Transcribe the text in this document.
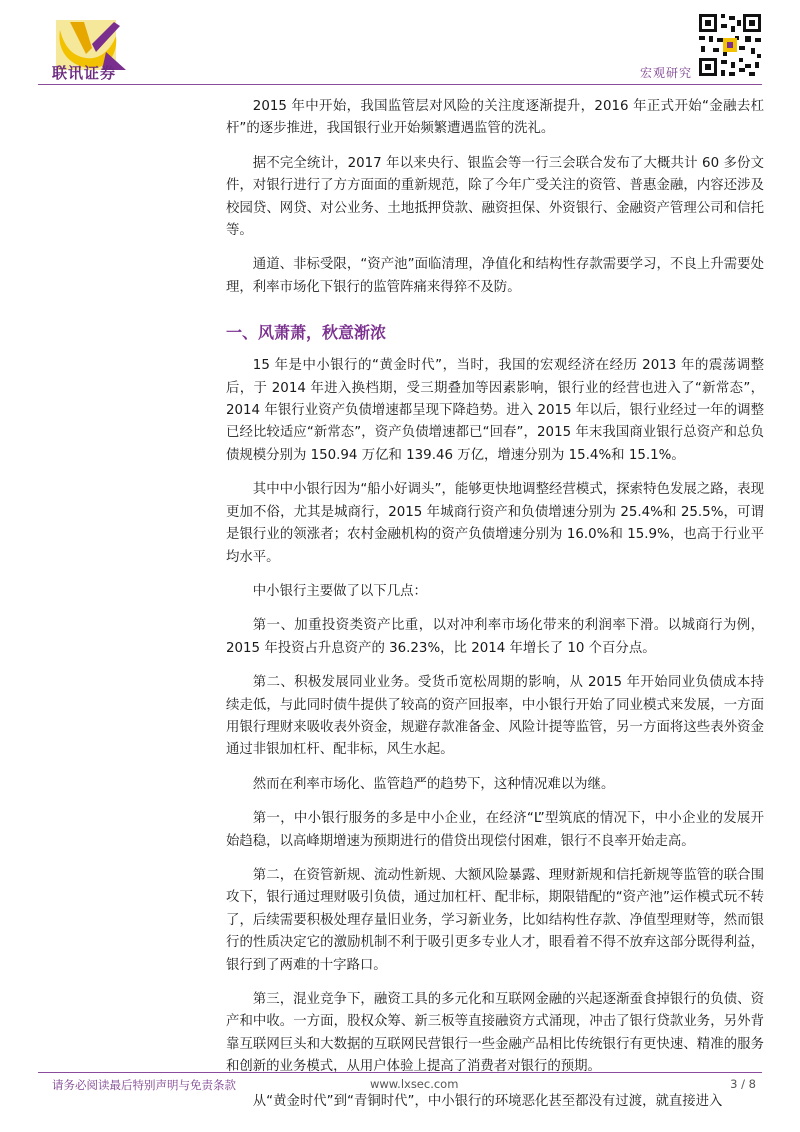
联讯证券	宏观研究

2015 年中开始，我国监管层对风险的关注度逐渐提升，2016 年正式开始“金融去杠杆”的逐步推进，我国银行业开始频繁遭遇监管的洗礼。

据不完全统计，2017 年以来央行、银监会等一行三会联合发布了大概共计 60 多份文件，对银行进行了方方面面的重新规范，除了今年广受关注的资管、普惠金融，内容还涉及校园贷、网贷、对公业务、土地抵押贷款、融资担保、外资银行、金融资产管理公司和信托等。

通道、非标受限，“资产池”面临清理，净值化和结构性存款需要学习，不良上升需要处理，利率市场化下银行的监管阵痛来得猝不及防。

一、风萧萧，秋意渐浓

15 年是中小银行的“黄金时代”，当时，我国的宏观经济在经历 2013 年的震荡调整后，于 2014 年进入换档期，受三期叠加等因素影响，银行业的经营也进入了“新常态”，2014 年银行业资产负债增速都呈现下降趋势。进入 2015 年以后，银行业经过一年的调整已经比较适应“新常态”，资产负债增速都已“回春”，2015 年末我国商业银行总资产和总负债规模分别为 150.94 万亿和 139.46 万亿，增速分别为 15.4%和 15.1%。

其中中小银行因为“船小好调头”，能够更快地调整经营模式，探索特色发展之路，表现更加不俗，尤其是城商行，2015 年城商行资产和负债增速分别为 25.4%和 25.5%，可谓是银行业的领涨者；农村金融机构的资产负债增速分别为 16.0%和 15.9%，也高于行业平均水平。

中小银行主要做了以下几点：

第一、加重投资类资产比重，以对冲利率市场化带来的利润率下滑。以城商行为例，2015 年投资占升息资产的 36.23%，比 2014 年增长了 10 个百分点。

第二、积极发展同业业务。受货币宽松周期的影响，从 2015 年开始同业负债成本持续走低，与此同时债牛提供了较高的资产回报率，中小银行开始了同业模式来发展，一方面用银行理财来吸收表外资金，规避存款准备金、风险计提等监管，另一方面将这些表外资金通过非银加杠杆、配非标，风生水起。

然而在利率市场化、监管趋严的趋势下，这种情况难以为继。

第一，中小银行服务的多是中小企业，在经济“L”型筑底的情况下，中小企业的发展开始趋稳，以高峰期增速为预期进行的借贷出现偿付困难，银行不良率开始走高。

第二，在资管新规、流动性新规、大额风险暴露、理财新规和信托新规等监管的联合围攻下，银行通过理财吸引负债，通过加杠杆、配非标，期限错配的“资产池”运作模式玩不转了，后续需要积极处理存量旧业务，学习新业务，比如结构性存款、净值型理财等，然而银行的性质决定它的激励机制不利于吸引更多专业人才，眼看着不得不放弃这部分既得利益，银行到了两难的十字路口。

第三，混业竞争下，融资工具的多元化和互联网金融的兴起逐渐蚕食掉银行的负债、资产和中收。一方面，股权众筹、新三板等直接融资方式涌现，冲击了银行贷款业务，另外背靠互联网巨头和大数据的互联网民营银行一些金融产品相比传统银行有更快速、精准的服务和创新的业务模式，从用户体验上提高了消费者对银行的预期。

从“黄金时代”到“青铜时代”，中小银行的环境恶化甚至都没有过渡，就直接进入

请务必阅读最后特别声明与免责条款	www.lxsec.com	3 / 8
